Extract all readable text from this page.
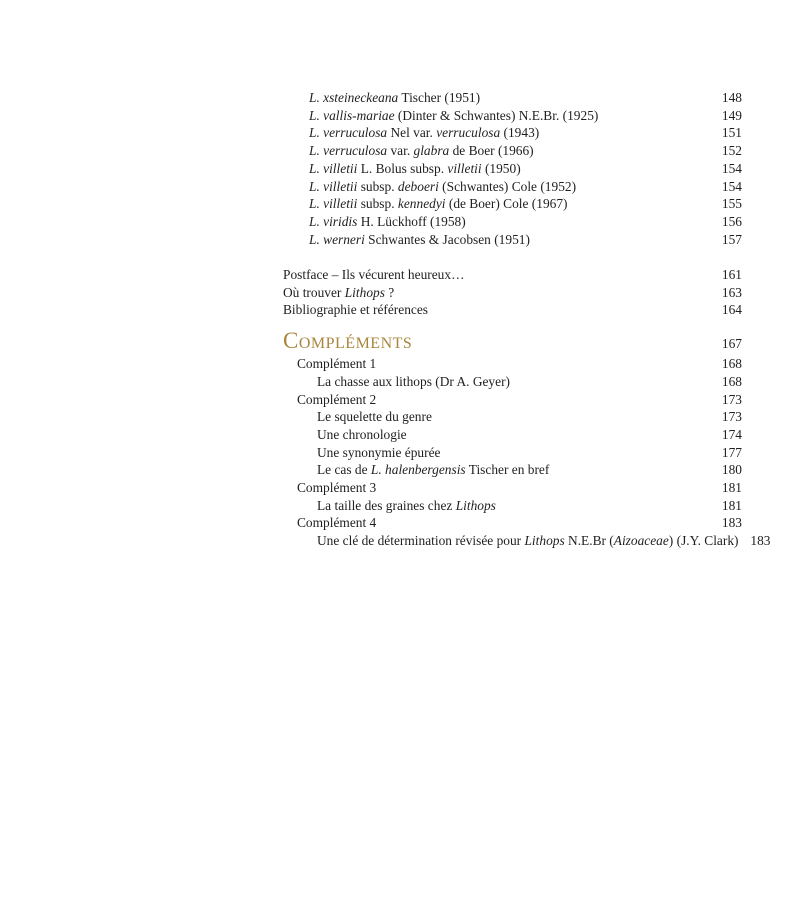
L. xsteineckeana Tischer (1951)	148
L. vallis-mariae (Dinter & Schwantes) N.E.Br. (1925)	149
L. verruculosa Nel var. verruculosa (1943)	151
L. verruculosa var. glabra de Boer (1966)	152
L. villetii L. Bolus subsp. villetii (1950)	154
L. villetii subsp. deboeri (Schwantes) Cole (1952)	154
L. villetii subsp. kennedyi (de Boer) Cole (1967)	155
L. viridis H. Lückhoff (1958)	156
L. werneri Schwantes & Jacobsen (1951)	157
Postface – Ils vécurent heureux…	161
Où trouver Lithops ?	163
Bibliographie et références	164
Compléments	167
Complément 1	168
La chasse aux lithops (Dr A. Geyer)	168
Complément 2	173
Le squelette du genre	173
Une chronologie	174
Une synonymie épurée	177
Le cas de L. halenbergensis Tischer en bref	180
Complément 3	181
La taille des graines chez Lithops	181
Complément 4	183
Une clé de détermination révisée pour Lithops N.E.Br (Aizoaceae) (J.Y. Clark) 183
